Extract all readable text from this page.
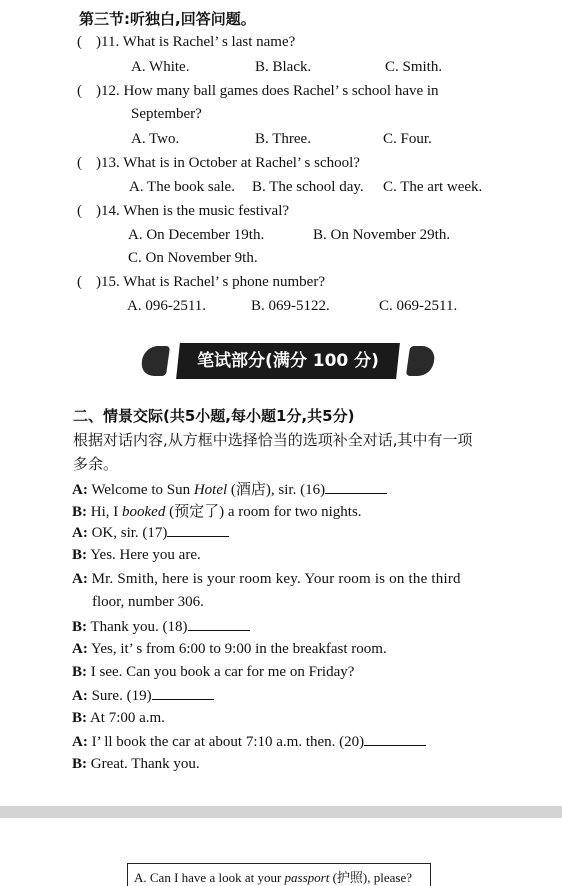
第三节:听独白,回答问题。
( )11. What is Rachel’ s last name?
A. White.	B. Black.	C. Smith.
( )12. How many ball games does Rachel’ s school have in
September?
A. Two.	B. Three.	C. Four.
( )13. What is in October at Rachel’ s school?
A. The book sale. B. The school day. C. The art week.
( )14. When is the music festival?
A. On December 19th.	B. On November 29th.
C. On November 9th.
( )15. What is Rachel’ s phone number?
A. 096-2511.	B. 069-5122.	C. 069-2511.
笔试部分(满分 100 分)
二、情景交际(共5小题,每小题1分,共5分)
根据对话内容,从方框中选择恰当的选项补全对话,其中有一项
多余。
A: Welcome to Sun Hotel (酒店), sir. (16)
B: Hi, I booked (预定了) a room for two nights.
A: OK, sir. (17)
B: Yes. Here you are.
A: Mr. Smith, here is your room key. Your room is on the third
floor, number 306.
B: Thank you. (18)
A: Yes, it’ s from 6:00 to 9:00 in the breakfast room.
B: I see. Can you book a car for me on Friday?
A: Sure. (19)
B: At 7:00 a.m.
A: I’ ll book the car at about 7:10 a.m. then. (20)
B: Great. Thank you.
A. Can I have a look at your passport (护照), please?
